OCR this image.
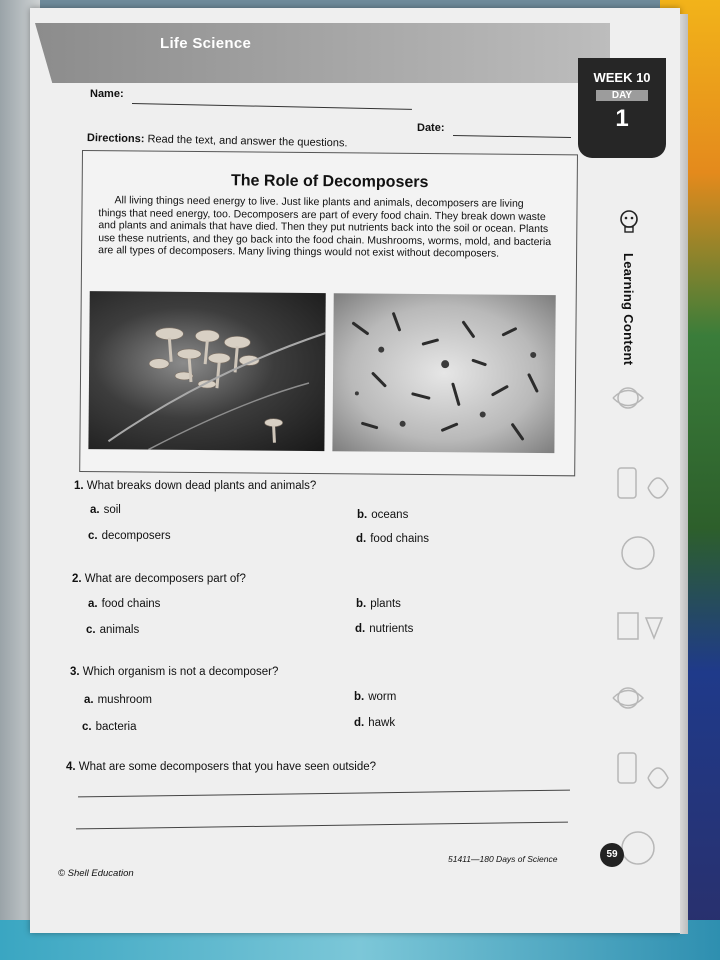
Life Science
WEEK 10
DAY
1
Learning Content
Name:
Date:
Directions: Read the text, and answer the questions.
The Role of Decomposers

All living things need energy to live. Just like plants and animals, decomposers are living things that need energy, too. Decomposers are part of every food chain. They break down waste and plants and animals that have died. Then they put nutrients back into the soil or ocean. Plants use these nutrients, and they go back into the food chain. Mushrooms, worms, mold, and bacteria are all types of decomposers. Many living things would not exist without decomposers.

1. What breaks down dead plants and animals?
a. soil	b. oceans
c. decomposers	d. food chains
2. What are decomposers part of?
a. food chains	b. plants
c. animals	d. nutrients
3. Which organism is not a decomposer?
a. mushroom	b. worm
c. bacteria	d. hawk
4. What are some decomposers that you have seen outside?
51411—180 Days of Science	59
© Shell Education
